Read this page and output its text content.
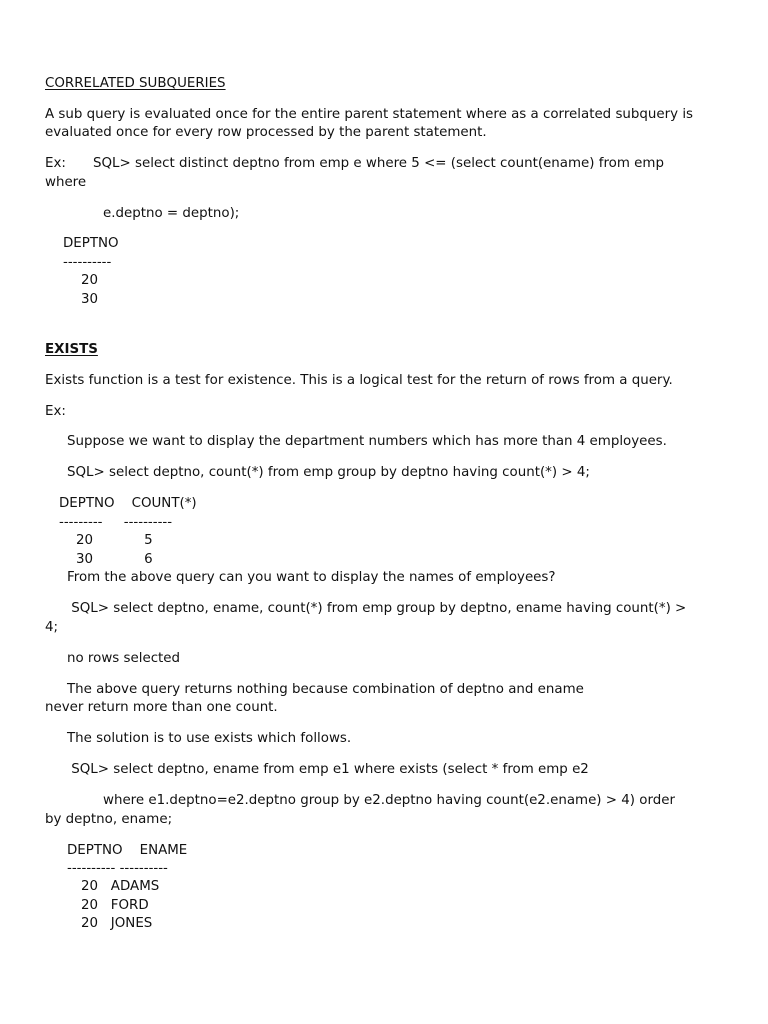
CORRELATED SUBQUERIES

A sub query is evaluated once for the entire parent statement where as a correlated subquery is

evaluated once for every row processed by the parent statement.

Ex: SQL> select distinct deptno from emp e where 5 <= (select count(ename) from emp

where

e.deptno = deptno);

DEPTNO

----------

20

30

EXISTS

Exists function is a test for existence. This is a logical test for the return of rows from a query.

Ex:

Suppose we want to display the department numbers which has more than 4 employees.

SQL> select deptno, count(*) from emp group by deptno having count(*) > 4;

DEPTNO    COUNT(*)

---------     ----------

20            5

30            6

From the above query can you want to display the names of employees?

SQL> select deptno, ename, count(*) from emp group by deptno, ename having count(*) >

4;

no rows selected

The above query returns nothing because combination of deptno and ename

never return more than one count.

The solution is to use exists which follows.

SQL> select deptno, ename from emp e1 where exists (select * from emp e2

where e1.deptno=e2.deptno group by e2.deptno having count(e2.ename) > 4) order

by deptno, ename;

DEPTNO    ENAME

---------- ----------

20   ADAMS

20   FORD

20   JONES
